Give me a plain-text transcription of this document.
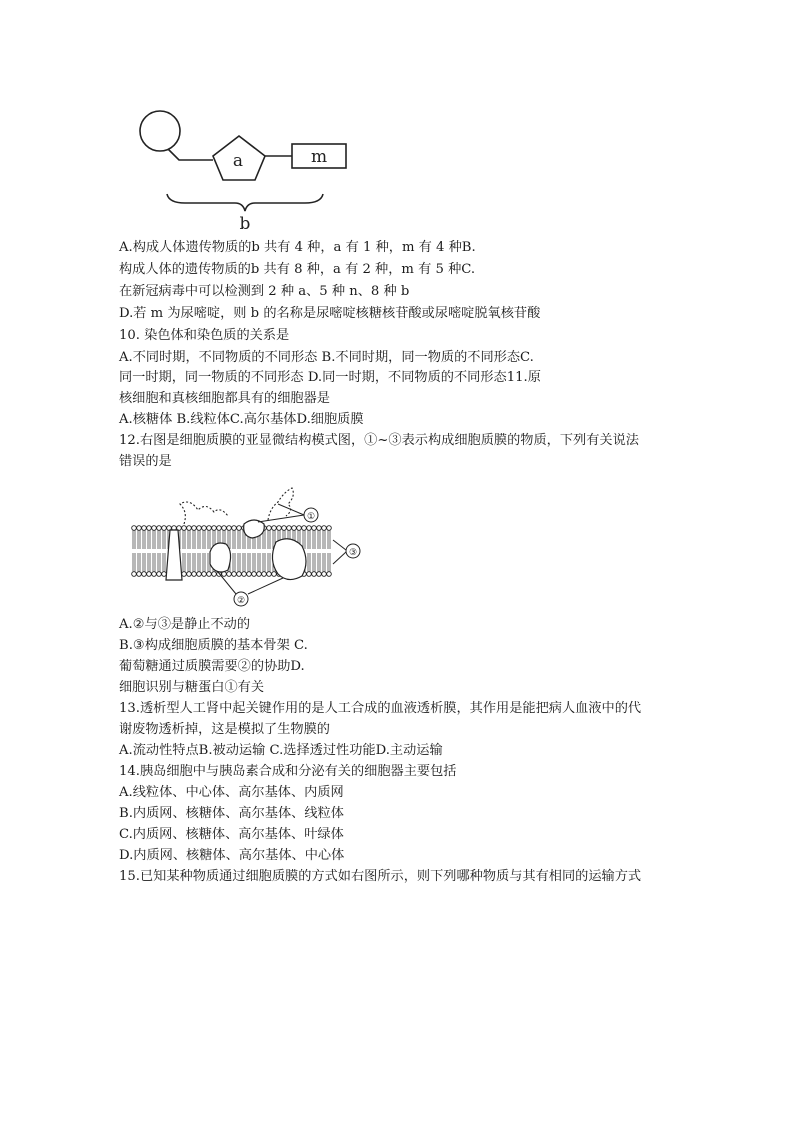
a	m
b
A.构成人体遗传物质的b 共有 4 种，a 有 1 种，m 有 4 种B.
构成人体的遗传物质的b 共有 8 种，a 有 2 种，m 有 5 种C.
在新冠病毒中可以检测到 2 种 a、5 种 n、8 种 b
D.若 m 为尿嘧啶，则 b 的名称是尿嘧啶核糖核苷酸或尿嘧啶脱氧核苷酸
10. 染色体和染色质的关系是
A.不同时期，不同物质的不同形态 B.不同时期，同一物质的不同形态C.
同一时期，同一物质的不同形态 D.同一时期，不同物质的不同形态11.原
核细胞和真核细胞都具有的细胞器是
A.核糖体 B.线粒体C.高尔基体D.细胞质膜
12.右图是细胞质膜的亚显微结构模式图，①~③表示构成细胞质膜的物质，下列有关说法
错误的是
A.②与③是静止不动的
B.③构成细胞质膜的基本骨架 C.
葡萄糖通过质膜需要②的协助D.
细胞识别与糖蛋白①有关
13.透析型人工肾中起关键作用的是人工合成的血液透析膜，其作用是能把病人血液中的代
谢废物透析掉，这是模拟了生物膜的
A.流动性特点B.被动运输 C.选择透过性功能D.主动运输
14.胰岛细胞中与胰岛素合成和分泌有关的细胞器主要包括
A.线粒体、中心体、高尔基体、内质网
B.内质网、核糖体、高尔基体、线粒体
C.内质网、核糖体、高尔基体、叶绿体
D.内质网、核糖体、高尔基体、中心体
15.已知某种物质通过细胞质膜的方式如右图所示，则下列哪种物质与其有相同的运输方式
①
③
②
